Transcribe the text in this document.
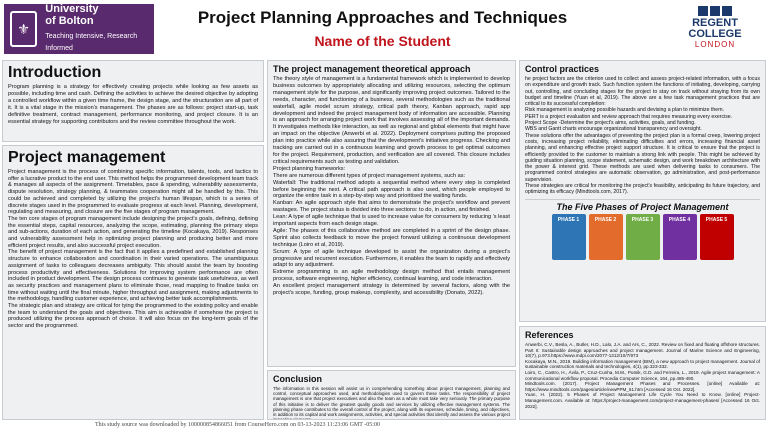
⚜
University
of Bolton
Teaching Intensive, Research Informed
Project Planning Approaches and Techniques
Name of the Student
REGENT COLLEGE
LONDON
Introduction

Program planning is a strategy for effectively creating projects while looking as few assets as possible, including time and cash. Defining the activities to achieve the desired objective by adopting a controlled workflow within a given time frame, the design stage, and the structuration are all part of it. It is a vital stage in the mission's management. The phases are as follows: project start-up, task definitive treatment, contract management, performance monitoring, and project closure. It is an essential strategy for supporting contributors and the review committee throughout the work.

Project management

Project management is the process of combining specific information, talents, tools, and tactics to offer a lucrative product to the end user. This method helps the programmed development team track & manages all aspects of the assignment. Timetables, pace & spending, vulnerability assessments, dispute resolution, strategy planning, & teammates cooperation might all be handled by this. This could be achieved and completed by utilizing the project's human lifespan, which is a series of discrete stages used in the programmed to evaluate progress at each level. Planning, development, regulating and measuring, and closure are the five stages of program management.
The ten core stages of program management include designing the project's goals, defining, defining the essential steps, capital resources, analyzing the scope, estimating, planning the primary steps and sub-actions, duration of each action, and generating the timeline (Kocakaya, 2019). Responses and vulnerability assessment help in optimizing project planning and producing better and more efficient project results, and also successful project execution.
The benefit of project management is the fact that it applies a predefined and established planning structure to enhance collaboration and coordination in their varied operations. The unambiguous assignment of tasks to colleagues decreases ambiguity. This should assist the team by boosting process productivity and effectiveness. Solutions for improving system performance are often included in product development. The design process continues to generate task usefulness, as well as security practices and management plans to eliminate those, read mapping to finalize tasks on time without waiting until the final minute, higher throughput and assignment, making adjustments to the methodology, handling customer experience, and achieving better task accomplishments.
The strategic plan and strategy are critical for tying the programmed to the existing policy and enable the team to understand the goals and objectives. This aim is achievable if somehow the project is produced utilizing the process approach of choice. It will also focus on the long-term goals of the sector and the programmed.

The project management theoretical approach

The theory style of management is a fundamental framework which is implemented to develop business outcomes by appropriately allocating and utilizing resources, selecting the optimum management style for the purpose, and significantly improving project outcomes. Tailored to the needs, character, and functioning of a business, several methodologies such as the traditional waterfall, agile model scrum strategy, critical path theory, Kanban approach, rapid app development and indeed the project management body of information are accessible. Planning is an approach for arranging project work that involves assessing all of the important demands. It investigates methods like interaction, as well as regional and global elements that might have an impact on the objective (Anwerbi et al. 2022). Deployment comprises putting the proposed plan into practice while also assuring that the development's initiatives progress. Checking and tracking are carried out in a continuous learning and growth process to get optimal outcomes for the project. Requirement, production, and verification are all covered. This closure includes critical requirements such as testing and validation.
Project planning frameworks:
There are numerous different types of project management systems, such as:
Waterfall: The traditional method adopts a sequential method where every step is completed before beginning the next. A critical path approach is also used, which people employed to organize the entire task in a step-by-step way and prioritised the waiting funds.
Kanban: An agile approach style that aims to demonstrate the project's workflow and prevent wastages. The project status is divided into three sections: to do, in action, and finished.
Lean: A type of agile technique that is used to increase value for consumers by reducing 's least important aspects from each design stage.
Agile: The phases of this collaborative method are completed in a sprint of the design phase. Sprint also collects feedback to move the project forward utilizing a continuous development technique (Loiro et al, 2019).
Scrum: A type of agile technique developed to assist the organization during a project's progressive and recurrent execution. Furthermore, it enables the team to rapidly and effectively adapt to any adjustment.
Extreme programming is an agile methodology design method that entails management process, software engineering, higher efficiency, continual learning, and code interaction.
An excellent project management strategy is determined by several factors, along with the project's scope, funding, group makeup, complexity, and accessibility (Donato, 2022).

Conclusion

The information in this session will assist us in comprehending something about project management, planning and control, conceptual approaches used, and methodologies used to govern these tasks. The responsibility of project management is one that project executives and also the team as a whole must take very seriously. The primary purpose of this initiative is to deliver the greatest quality goods and services by utilizing effective management systems. The planning phase contributes to the overall control of the project, along with its expenses, schedule, timing, and objectives, in addition to its capital and work assignments, activities, and special activities that identify and assess the various project impacting elements.

Control practices

he project factors are the criterion used to collect and assess project-related information, with a focus on expenditure and growth track. Such function system the functions of initiating, developing, carrying out, controlling, and concluding stages for the project to stay on track without straying from its own budget and timeline (Yuan et al, 2019). The above are a few task management practices that are critical to its successful completion:
Risk management is analyzing possible hazards and devising a plan to minimize them.
PERT is a project evaluation and review approach that requires measuring every exercise.
Project Scope -Determine the project's aims, activities, goals, and funding.
WBS and Gantt charts encourage organizational transparency and oversight.
These solutions offer the advantages of preventing the project plan is a formal creep, lowering project costs, increasing project reliability, eliminating difficulties and errors, increasing financial asset planning, and enhancing effective project support structure. It is critical to ensure that the project is efficiently provided to the customer to maintain a strong link with people. This might be achieved by guiding situation planning, scope statement, schematic design, and work breakdown architecture with the power & interest grid. These methods are used when delivering tasks to consumers. The programmed control strategies are automatic observation, go administration, and post-performance supervision.
These strategies are critical for monitoring the project's feasibility, anticipating its future trajectory, and optimizing its efficacy (Mindtools.com, 2017).

The Five Phases of Project Management
PHASE 1	PHASE 2	PHASE 3	PHASE 4	PHASE 5
References

Anwerbi, C.V., Besla, A., Butler, H.D., Lalo, J.A. and Ars, C., 2022. Review on fixed and floating offshore structures. Part II: Sustainable design approaches and project management. Journal of Marine Science and Engineering, 10(7), p.973.https://www.mdpi.com/2077-1312/10/7/973
Kocakaya, M.N., 2019. Building information management (BIM), a new approach to project management. Journal of sustainable construction materials and technologies, 4(1), pp.323-332.
Loiro, C., Castro, H., Ávila, P., Cruz-Cunha, M.M., Putnik, G.D. and Ferreira, L., 2019. Agile project management: A communicational workflow proposal. Procedia Computer Science, 164, pp.485-490.
Mindtools.com. (2017). Project Management Phases and Processes. [online] Available at: https://www.mindtools.com/pages/article/newPPM_61.htm [Accessed 16 Oct. 2022].
Yuan, H. (2022). 5 Phases of Project Management Life Cycle You Need to Know. [online] Project-Management.com. Available at: https://project-management.com/project-management-phases/ [Accessed 16 Oct. 2022].

This study source was downloaded by 100000854866051 from CourseHero.com on 03-13-2023 11:23:06 GMT -05:00
